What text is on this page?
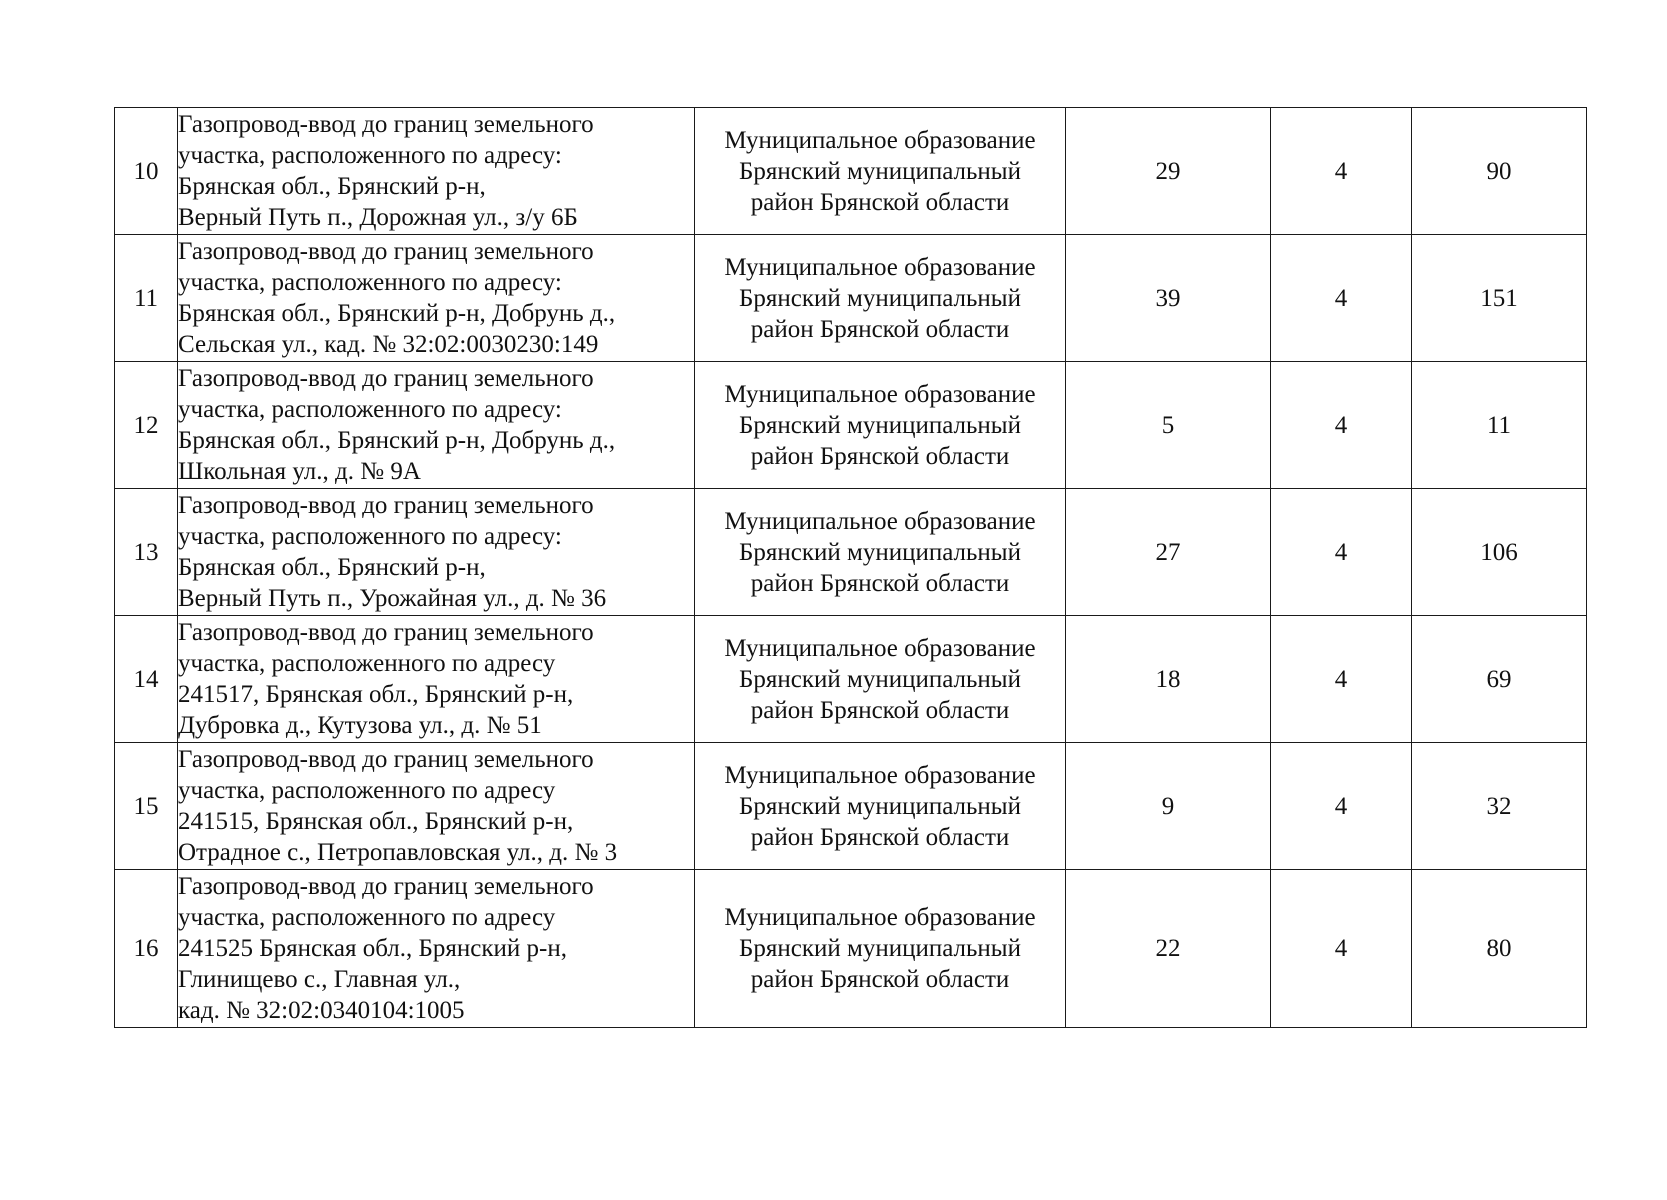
10	Газопровод-ввод до границ земельного
участка, расположенного по адресу:
Брянская обл., Брянский р-н,
Верный Путь п., Дорожная ул., з/у 6Б	Муниципальное образование
Брянский муниципальный
район Брянской области	29	4	90
11	Газопровод-ввод до границ земельного
участка, расположенного по адресу:
Брянская обл., Брянский р-н, Добрунь д.,
Сельская ул., кад. № 32:02:0030230:149	Муниципальное образование
Брянский муниципальный
район Брянской области	39	4	151
12	Газопровод-ввод до границ земельного
участка, расположенного по адресу:
Брянская обл., Брянский р-н, Добрунь д.,
Школьная ул., д. № 9А	Муниципальное образование
Брянский муниципальный
район Брянской области	5	4	11
13	Газопровод-ввод до границ земельного
участка, расположенного по адресу:
Брянская обл., Брянский р-н,
Верный Путь п., Урожайная ул., д. № 36	Муниципальное образование
Брянский муниципальный
район Брянской области	27	4	106
14	Газопровод-ввод до границ земельного
участка, расположенного по адресу
241517, Брянская обл., Брянский р-н,
Дубровка д., Кутузова ул., д. № 51	Муниципальное образование
Брянский муниципальный
район Брянской области	18	4	69
15	Газопровод-ввод до границ земельного
участка, расположенного по адресу
241515, Брянская обл., Брянский р-н,
Отрадное с., Петропавловская ул., д. № 3	Муниципальное образование
Брянский муниципальный
район Брянской области	9	4	32
16	Газопровод-ввод до границ земельного
участка, расположенного по адресу
241525 Брянская обл., Брянский р-н,
Глинищево с., Главная ул.,
кад. № 32:02:0340104:1005	Муниципальное образование
Брянский муниципальный
район Брянской области	22	4	80
